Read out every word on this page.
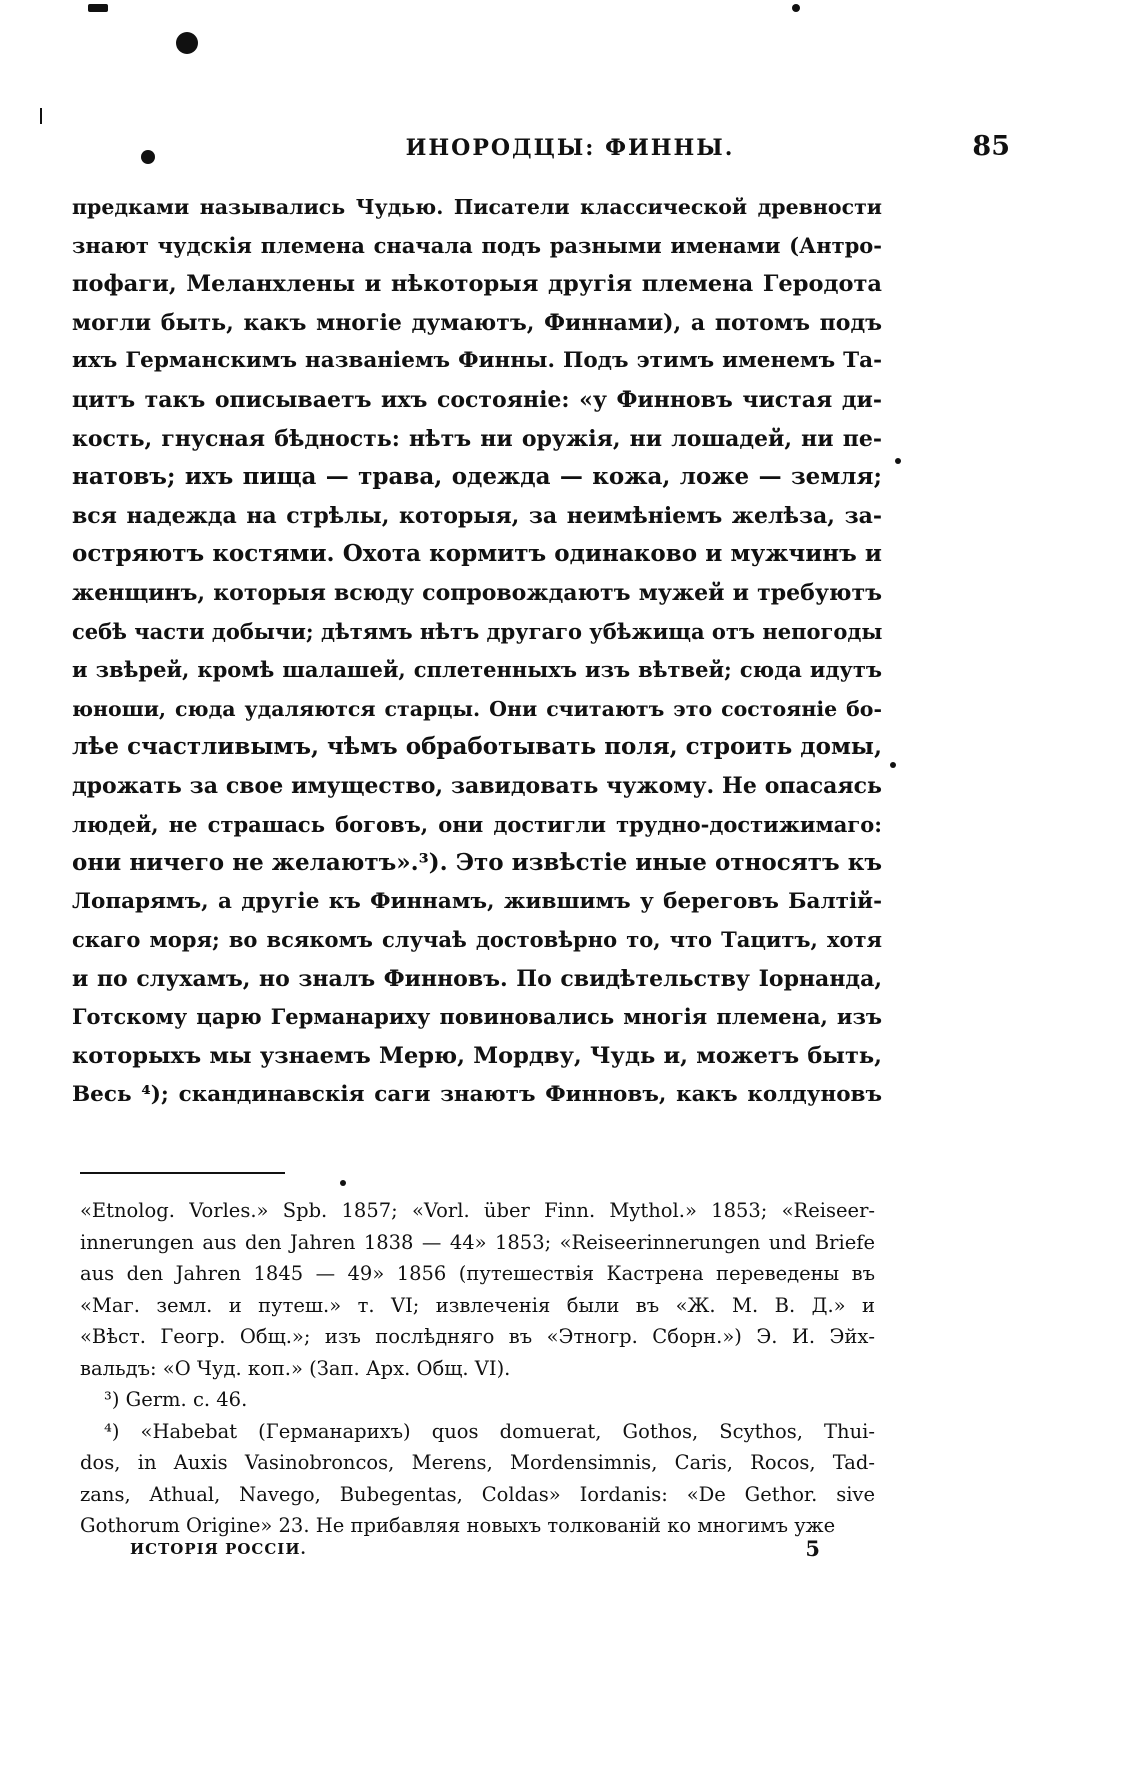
ИНОРОДЦЫ: ФИННЫ.	85
предками назывались Чудью. Писатели классической древности
знают чудскія племена сначала подъ разными именами (Антро-
пофаги, Меланхлены и нѣкоторыя другія племена Геродота
могли быть, какъ многіе думаютъ, Финнами), а потомъ подъ
ихъ Германскимъ названіемъ Финны. Подъ этимъ именемъ Та-
цитъ такъ описываетъ ихъ состояніе: «у Финновъ чистая ди-
кость, гнусная бѣдность: нѣтъ ни оружія, ни лошадей, ни пе-
натовъ; ихъ пища — трава, одежда — кожа, ложе — земля;
вся надежда на стрѣлы, которыя, за неимѣніемъ желѣза, за-
остряютъ костями. Охота кормитъ одинаково и мужчинъ и
женщинъ, которыя всюду сопровождаютъ мужей и требуютъ
себѣ части добычи; дѣтямъ нѣтъ другаго убѣжища отъ непогоды
и звѣрей, кромѣ шалашей, сплетенныхъ изъ вѣтвей; сюда идутъ
юноши, сюда удаляются старцы. Они считаютъ это состояніе бо-
лѣе счастливымъ, чѣмъ обработывать поля, строить домы,
дрожать за свое имущество, завидовать чужому. Не опасаясь
людей, не страшась боговъ, они достигли трудно-достижимаго:
они ничего не желаютъ».³). Это извѣстіе иные относятъ къ
Лопарямъ, а другіе къ Финнамъ, жившимъ у береговъ Балтій-
скаго моря; во всякомъ случаѣ достовѣрно то, что Тацитъ, хотя
и по слухамъ, но зналъ Финновъ. По свидѣтельству Іорнанда,
Готскому царю Германариху повиновались многія племена, изъ
которыхъ мы узнаемъ Мерю, Мордву, Чудь и, можетъ быть,
Весь ⁴); скандинавскія саги знаютъ Финновъ, какъ колдуновъ
«Etnolog. Vorles.» Spb. 1857; «Vorl. über Finn. Mythol.» 1853; «Reiseer-
innerungen aus den Jahren 1838 — 44» 1853; «Reiseerinnerungen und Briefe
aus den Jahren 1845 — 49» 1856 (путешествія Кастрена переведены въ
«Маг. земл. и путеш.» т. VI; извлеченія были въ «Ж. М. В. Д.» и
«Вѣст. Геогр. Общ.»; изъ послѣдняго въ «Этногр. Сборн.») Э. И. Эйх-
вальдъ: «О Чуд. коп.» (Зап. Арх. Общ. VI).
³) Germ. c. 46.
⁴) «Habebat (Германарихъ) quos domuerat, Gothos, Scythos, Thui-
dos, in Auxis Vasinobroncos, Merens, Mordensimnis, Caris, Rocos, Tad-
zans, Athual, Navego, Bubegentas, Coldas» Iordanis: «De Gethor. sive
Gothorum Origine» 23. Не прибавляя новыхъ толкованій ко многимъ уже
ИСТОРІЯ РОССІИ.	5
